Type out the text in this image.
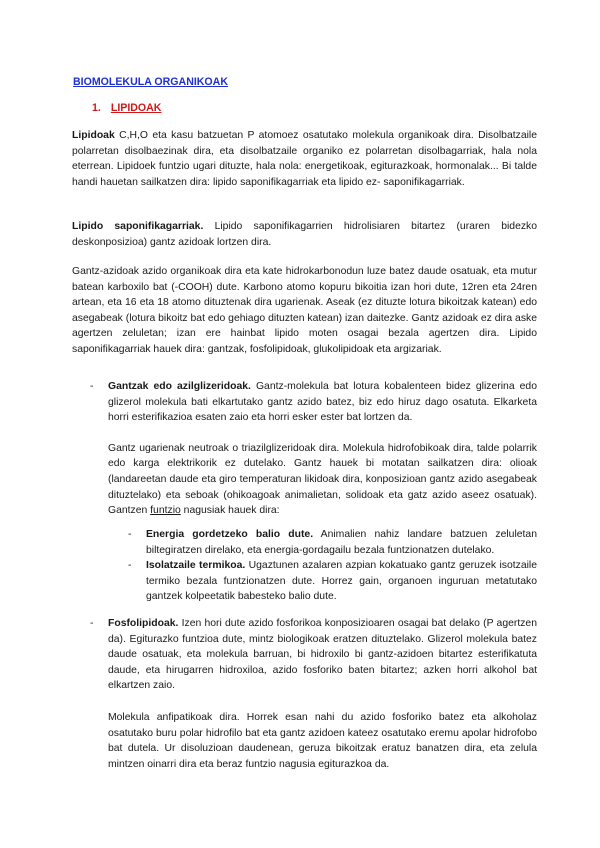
BIOMOLEKULA ORGANIKOAK
1. LIPIDOAK

Lipidoak C,H,O eta kasu batzuetan P atomoez osatutako molekula organikoak dira. Disolbatzaile polarretan disolbaezinak dira, eta disolbatzaile organiko ez polarretan disolbagarriak, hala nola eterrean. Lipidoek funtzio ugari dituzte, hala nola: energetikoak, egiturazkoak, hormonalak... Bi talde handi hauetan sailkatzen dira: lipido saponifikagarriak eta lipido ez- saponifikagarriak.

Lipido saponifikagarriak. Lipido saponifikagarrien hidrolisiaren bitartez (uraren bidezko deskonposizioa) gantz azidoak lortzen dira.

Gantz-azidoak azido organikoak dira eta kate hidrokarbonodun luze batez daude osatuak, eta mutur batean karboxilo bat (-COOH) dute. Karbono atomo kopuru bikoitia izan hori dute, 12ren eta 24ren artean, eta 16 eta 18 atomo dituztenak dira ugarienak. Aseak (ez dituzte lotura bikoitzak katean) edo asegabeak (lotura bikoitz bat edo gehiago dituzten katean) izan daitezke. Gantz azidoak ez dira aske agertzen zeluletan; izan ere hainbat lipido moten osagai bezala agertzen dira. Lipido saponifikagarriak hauek dira: gantzak, fosfolipidoak, glukolipidoak eta argizariak.

- Gantzak edo azilglizeridoak. Gantz-molekula bat lotura kobalenteen bidez glizerina edo glizerol molekula bati elkartutako gantz azido batez, biz edo hiruz dago osatuta. Elkarketa horri esterifikazioa esaten zaio eta horri esker ester bat lortzen da.

Gantz ugarienak neutroak o triazilglizeridoak dira. Molekula hidrofobikoak dira, talde polarrik edo karga elektrikorik ez dutelako. Gantz hauek bi motatan sailkatzen dira: olioak (landareetan daude eta giro temperaturan likidoak dira, konposizioan gantz azido asegabeak dituztelako) eta seboak (ohikoagoak animalietan, solidoak eta gatz azido aseez osatuak). Gantzen funtzio nagusiak hauek dira:

- Energia gordetzeko balio dute. Animalien nahiz landare batzuen zeluletan biltegiratzen direlako, eta energia-gordagailu bezala funtzionatzen dutelako.

- Isolatzaile termikoa. Ugaztunen azalaren azpian kokatuako gantz geruzek isotzaile termiko bezala funtzionatzen dute. Horrez gain, organoen inguruan metatutako gantzek kolpeetatik babesteko balio dute.

- Fosfolipidoak. Izen hori dute azido fosforikoa konposizioaren osagai bat delako (P agertzen da). Egiturazko funtzioa dute, mintz biologikoak eratzen dituztelako. Glizerol molekula batez daude osatuak, eta molekula barruan, bi hidroxilo bi gantz-azidoen bitartez esterifikatuta daude, eta hirugarren hidroxiloa, azido fosforiko baten bitartez; azken horri alkohol bat elkartzen zaio.

Molekula anfipatikoak dira. Horrek esan nahi du azido fosforiko batez eta alkoholaz osatutako buru polar hidrofilo bat eta gantz azidoen kateez osatutako eremu apolar hidrofobo bat dutela. Ur disoluzioan daudenean, geruza bikoitzak eratuz banatzen dira, eta zelula mintzen oinarri dira eta beraz funtzio nagusia egiturazkoa da.
